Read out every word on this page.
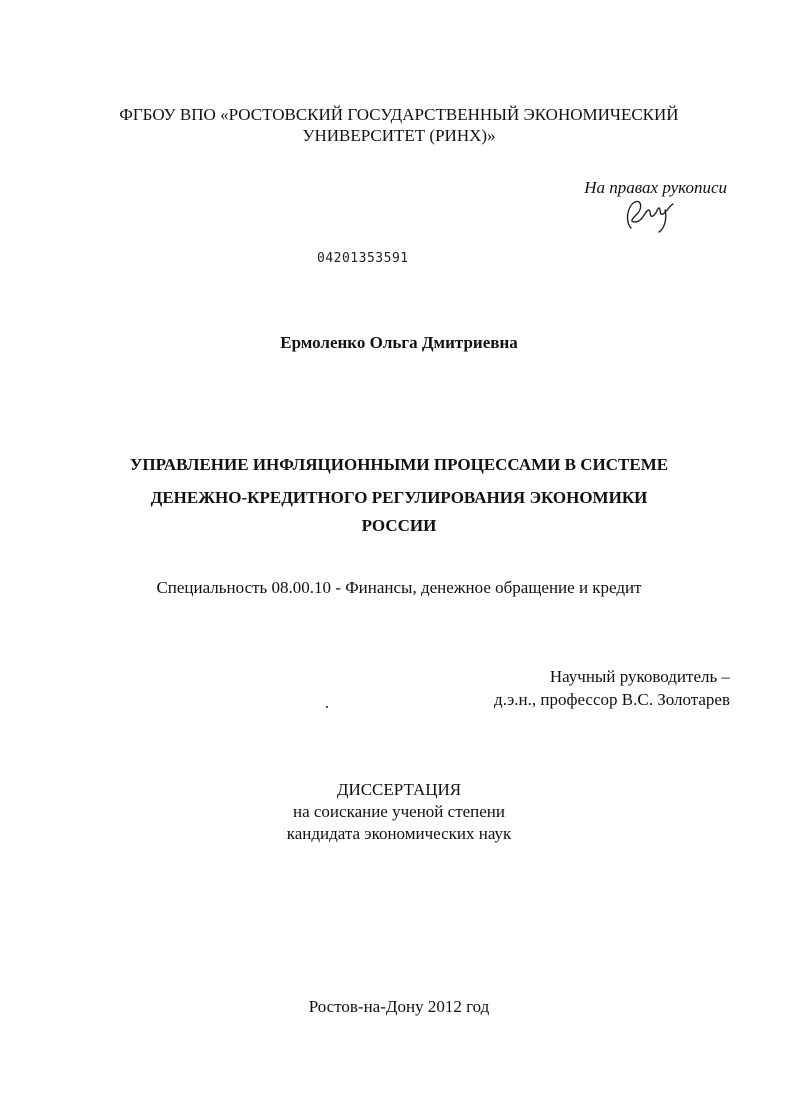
ФГБОУ ВПО «РОСТОВСКИЙ ГОСУДАРСТВЕННЫЙ ЭКОНОМИЧЕСКИЙ

УНИВЕРСИТЕТ (РИНХ)»

На правах рукописи

04201353591

Ермоленко Ольга Дмитриевна

УПРАВЛЕНИЕ ИНФЛЯЦИОННЫМИ ПРОЦЕССАМИ В СИСТЕМЕ

ДЕНЕЖНО-КРЕДИТНОГО РЕГУЛИРОВАНИЯ ЭКОНОМИКИ

РОССИИ

Специальность 08.00.10 - Финансы, денежное обращение и кредит

Научный руководитель –

д.э.н., профессор В.С. Золотарев

ДИССЕРТАЦИЯ

на соискание ученой степени

кандидата экономических наук

Ростов-на-Дону 2012 год
